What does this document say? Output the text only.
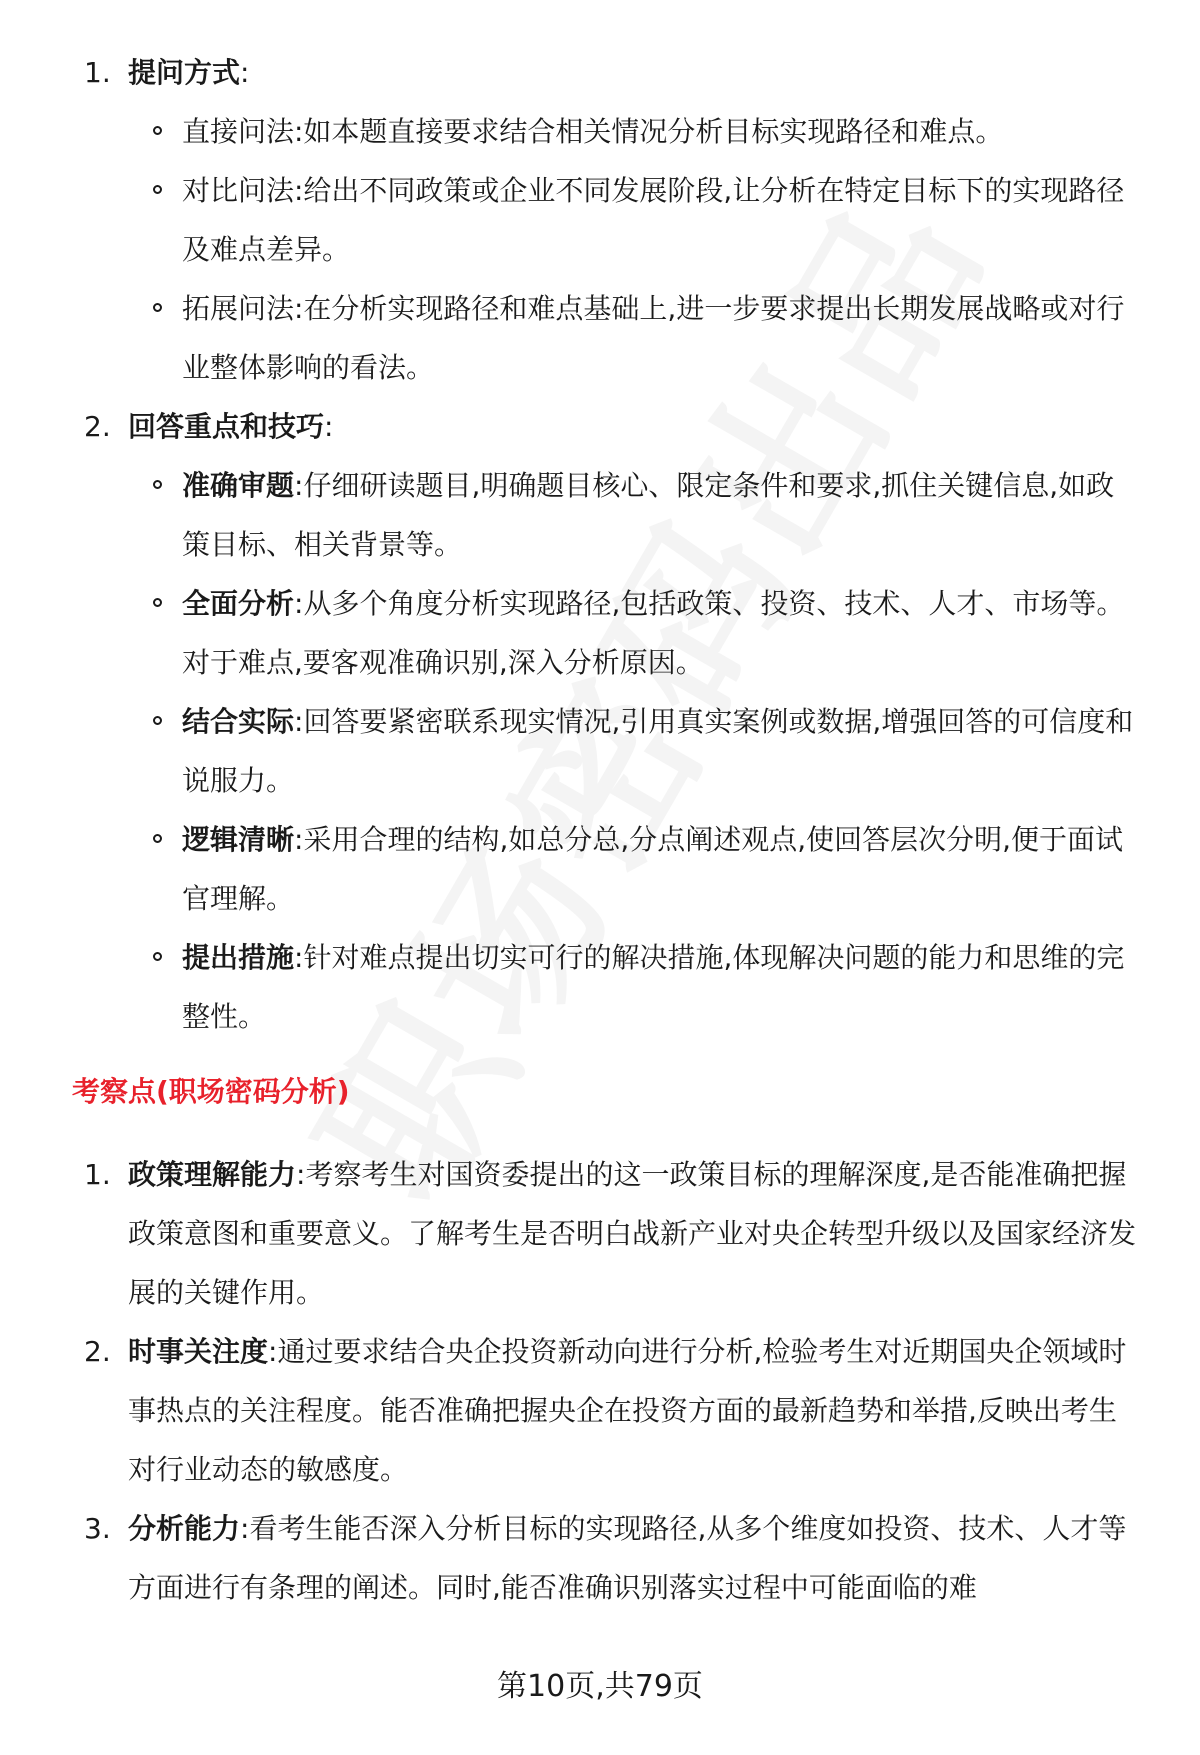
1. 提问方式:
直接问法:如本题直接要求结合相关情况分析目标实现路径和难点。
对比问法:给出不同政策或企业不同发展阶段,让分析在特定目标下的实现路径及难点差异。
拓展问法:在分析实现路径和难点基础上,进一步要求提出长期发展战略或对行业整体影响的看法。
2. 回答重点和技巧:
准确审题:仔细研读题目,明确题目核心、限定条件和要求,抓住关键信息,如政策目标、相关背景等。
全面分析:从多个角度分析实现路径,包括政策、投资、技术、人才、市场等。对于难点,要客观准确识别,深入分析原因。
结合实际:回答要紧密联系现实情况,引用真实案例或数据,增强回答的可信度和说服力。
逻辑清晰:采用合理的结构,如总分总,分点阐述观点,使回答层次分明,便于面试官理解。
提出措施:针对难点提出切实可行的解决措施,体现解决问题的能力和思维的完整性。
考察点(职场密码分析)
1. 政策理解能力:考察考生对国资委提出的这一政策目标的理解深度,是否能准确把握政策意图和重要意义。了解考生是否明白战新产业对央企转型升级以及国家经济发展的关键作用。
2. 时事关注度:通过要求结合央企投资新动向进行分析,检验考生对近期国央企领域时事热点的关注程度。能否准确把握央企在投资方面的最新趋势和举措,反映出考生对行业动态的敏感度。
3. 分析能力:看考生能否深入分析目标的实现路径,从多个维度如投资、技术、人才等方面进行有条理的阐述。同时,能否准确识别落实过程中可能面临的难
第10页,共79页
